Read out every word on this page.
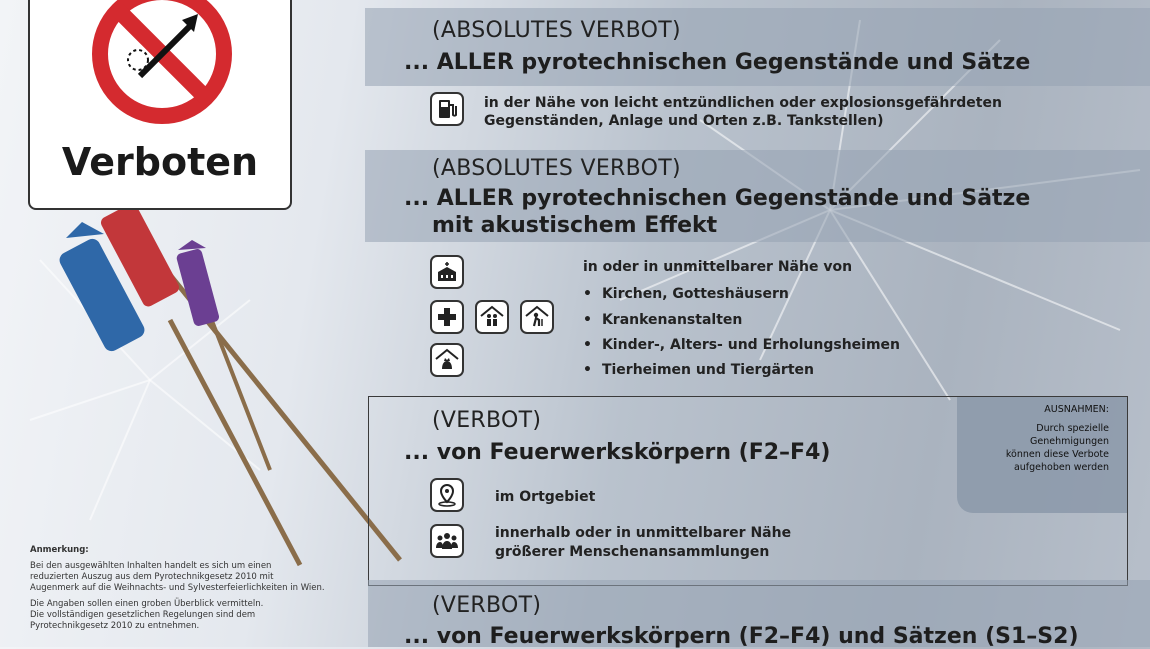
Verboten
(ABSOLUTES VERBOT)
... ALLER pyrotechnischen Gegenstände und Sätze
in der Nähe von leicht entzündlichen oder explosionsgefährdeten
Gegenständen, Anlage und Orten z.B. Tankstellen)
(ABSOLUTES VERBOT)
... ALLER pyrotechnischen Gegenstände und Sätze
mit akustischem Effekt
in oder in unmittelbarer Nähe von
• Kirchen, Gotteshäusern
• Krankenanstalten
• Kinder-, Alters- und Erholungsheimen
• Tierheimen und Tiergärten
AUSNAHMEN:
Durch spezielle
Genehmigungen
können diese Verbote
aufgehoben werden
(VERBOT)
... von Feuerwerkskörpern (F2–F4)
im Ortgebiet
innerhalb oder in unmittelbarer Nähe
größerer Menschenansammlungen
(VERBOT)
... von Feuerwerkskörpern (F2–F4) und Sätzen (S1–S2)
Anmerkung:
Bei den ausgewählten Inhalten handelt es sich um einen
reduzierten Auszug aus dem Pyrotechnikgesetz 2010 mit
Augenmerk auf die Weihnachts- und Sylvesterfeierlichkeiten in Wien.
Die Angaben sollen einen groben Überblick vermitteln.
Die vollständigen gesetzlichen Regelungen sind dem
Pyrotechnikgesetz 2010 zu entnehmen.
